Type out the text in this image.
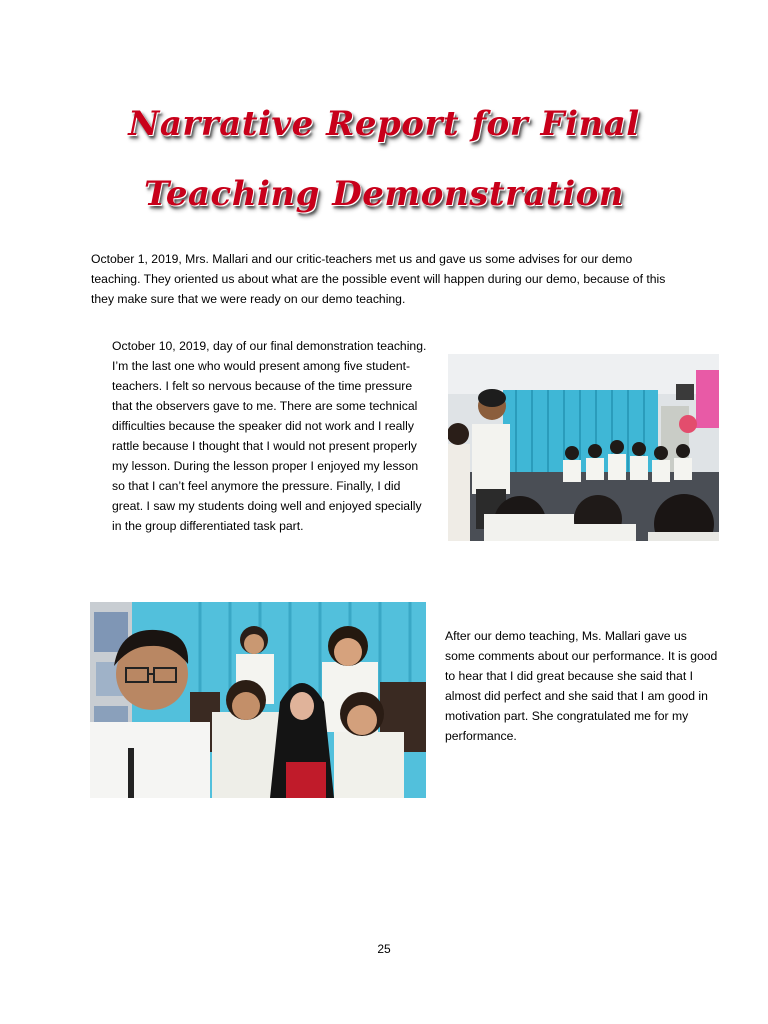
Narrative Report for Final
Teaching Demonstration

October 1, 2019, Mrs. Mallari and our critic-teachers met us and gave us some advises for our demo teaching. They oriented us about what are the possible event will happen during our demo, because of this they make sure that we were ready on our demo teaching.

October 10, 2019, day of our final demonstration teaching. I’m the last one who would present among five student-teachers. I felt so nervous because of the time pressure that the observers gave to me. There are some technical difficulties because the speaker did not work and I really rattle because I thought that I would not present properly my lesson. During the lesson proper I enjoyed my lesson so that I can’t feel anymore the pressure. Finally, I did great. I saw my students doing well and enjoyed specially in the group differentiated task part.

After our demo teaching, Ms. Mallari gave us some comments about our performance. It is good to hear that I did great because she said that I almost did perfect and she said that I am good in motivation part. She congratulated me for my performance.

25
